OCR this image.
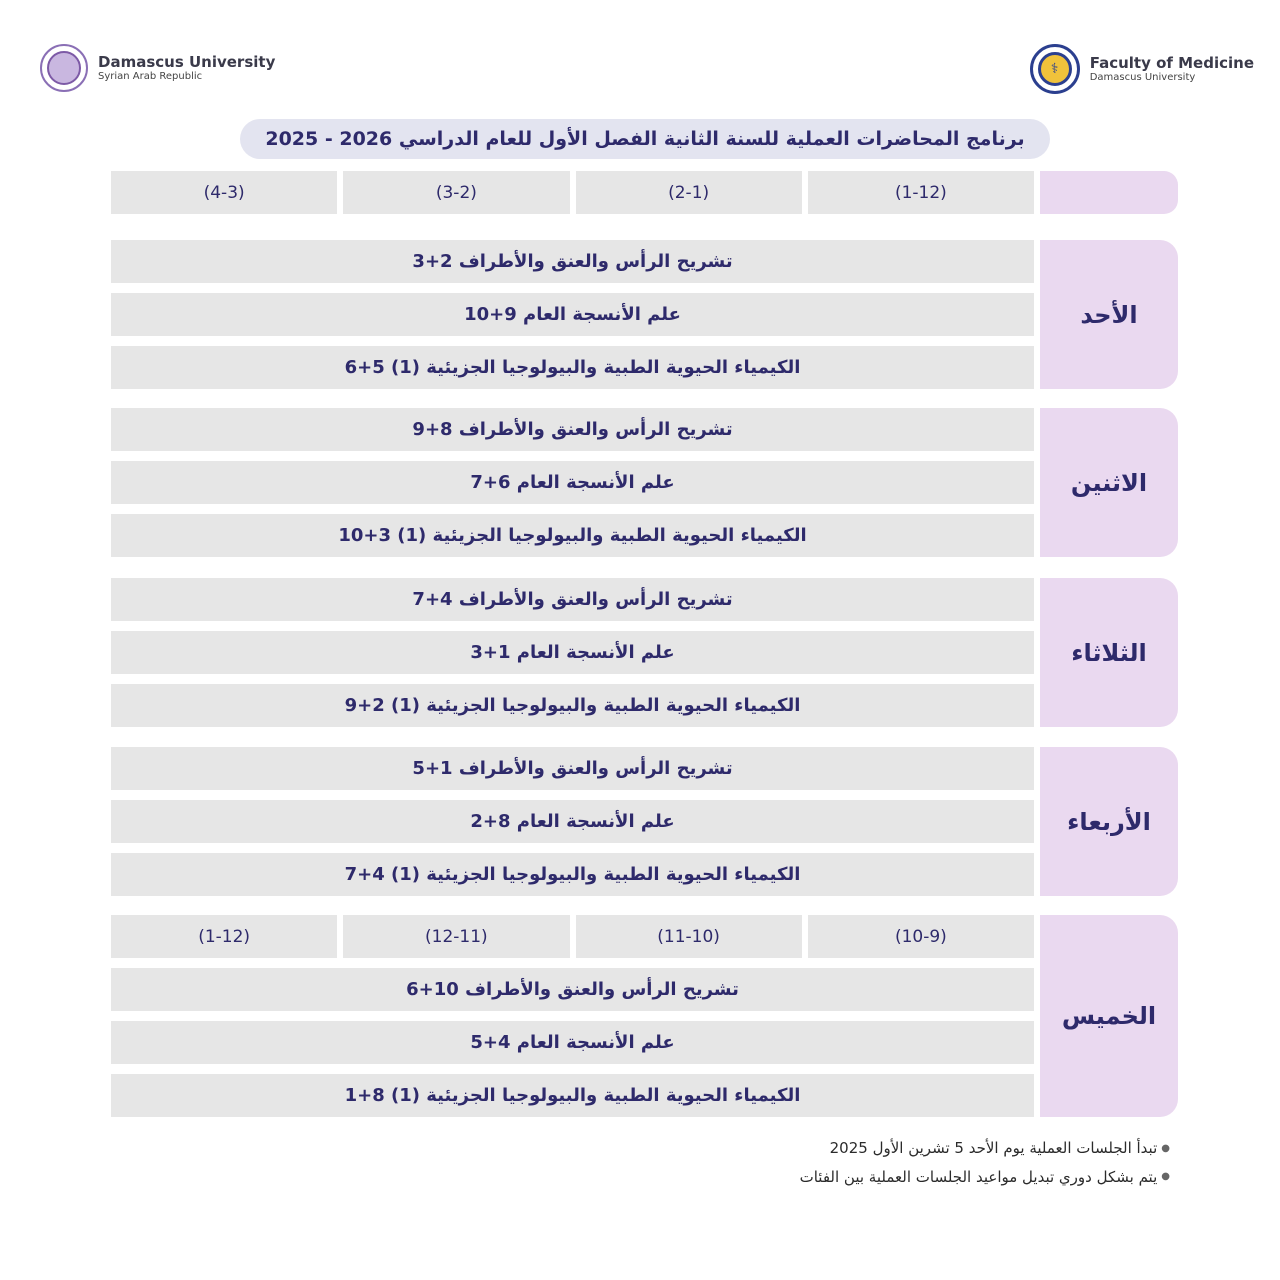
Damascus University
Syrian Arab Republic	⚕	Faculty of Medicine
Damascus University
برنامج المحاضرات العملية للسنة الثانية الفصل الأول للعام الدراسي 2026 - 2025
(4-3)	(3-2)	(2-1)	(1-12)
الأحد
تشريح الرأس والعنق والأطراف 2+3
علم الأنسجة العام 9+10
الكيمياء الحيوية الطبية والبيولوجيا الجزيئية (1) 5+6
الاثنين
تشريح الرأس والعنق والأطراف 8+9
علم الأنسجة العام 6+7
الكيمياء الحيوية الطبية والبيولوجيا الجزيئية (1) 3+10
الثلاثاء
تشريح الرأس والعنق والأطراف 4+7
علم الأنسجة العام 1+3
الكيمياء الحيوية الطبية والبيولوجيا الجزيئية (1) 2+9
الأربعاء
تشريح الرأس والعنق والأطراف 1+5
علم الأنسجة العام 8+2
الكيمياء الحيوية الطبية والبيولوجيا الجزيئية (1) 4+7
الخميس
(1-12)	(12-11)	(11-10)	(10-9)
تشريح الرأس والعنق والأطراف 10+6
علم الأنسجة العام 4+5
الكيمياء الحيوية الطبية والبيولوجيا الجزيئية (1) 8+1
●تبدأ الجلسات العملية يوم الأحد 5 تشرين الأول 2025
●يتم بشكل دوري تبديل مواعيد الجلسات العملية بين الفئات
